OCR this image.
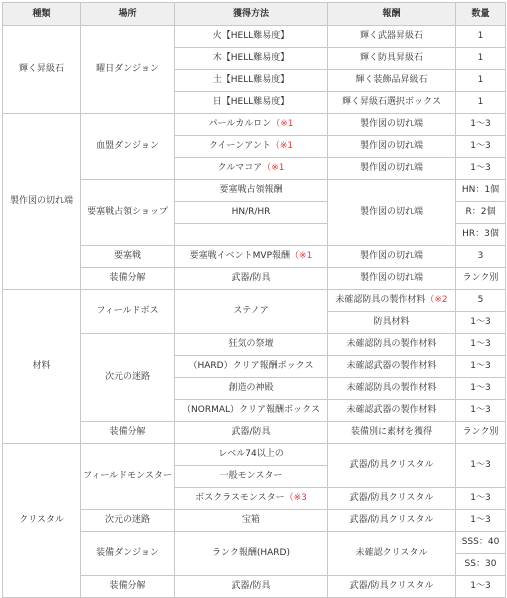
種類	場所	獲得方法	報酬	数量
輝く昇級石	曜日ダンジョン	火【HELL難易度】	輝く武器昇級石	1
		木【HELL難易度】	輝く防具昇級石	1
		土【HELL難易度】	輝く装飾品昇級石	1
		日【HELL難易度】	輝く昇級石選択ボックス	1
製作図の切れ端	血盟ダンジョン	パールカルロン（※1	製作図の切れ端	1～3
		クイーンアント（※1	製作図の切れ端	1～3
		クルマコア（※1	製作図の切れ端	1～3
	要塞戦占領ショップ	要塞戦占領報酬	製作図の切れ端	HN：1個
		HN/R/HR		R：2個
				HR：3個
	要塞戦	要塞戦イベントMVP報酬（※1	製作図の切れ端	3
	装備分解	武器/防具	製作図の切れ端	ランク別
材料	フィールドボス	ステノア	未確認防具の製作材料（※2	5
			防具材料	1～3
	次元の迷路	狂気の祭壇	未確認防具の製作材料	1～3
		（HARD）クリア報酬ボックス	未確認武器の製作材料	1～3
		創造の神殿	未確認防具の製作材料	1～3
		（NORMAL）クリア報酬ボックス	未確認武器の製作材料	1～3
	装備分解	武器/防具	装備別に素材を獲得	ランク別
クリスタル	フィールドモンスター	レベル74以上の	武器/防具クリスタル	1～3
		一般モンスター		
		ボスクラスモンスター（※3	武器/防具クリスタル	1～3
	次元の迷路	宝箱	武器/防具クリスタル	1～3
	装備ダンジョン	ランク報酬(HARD)	未確認クリスタル	SSS：40
				SS：30
	装備分解	武器/防具	武器/防具クリスタル	1～3
